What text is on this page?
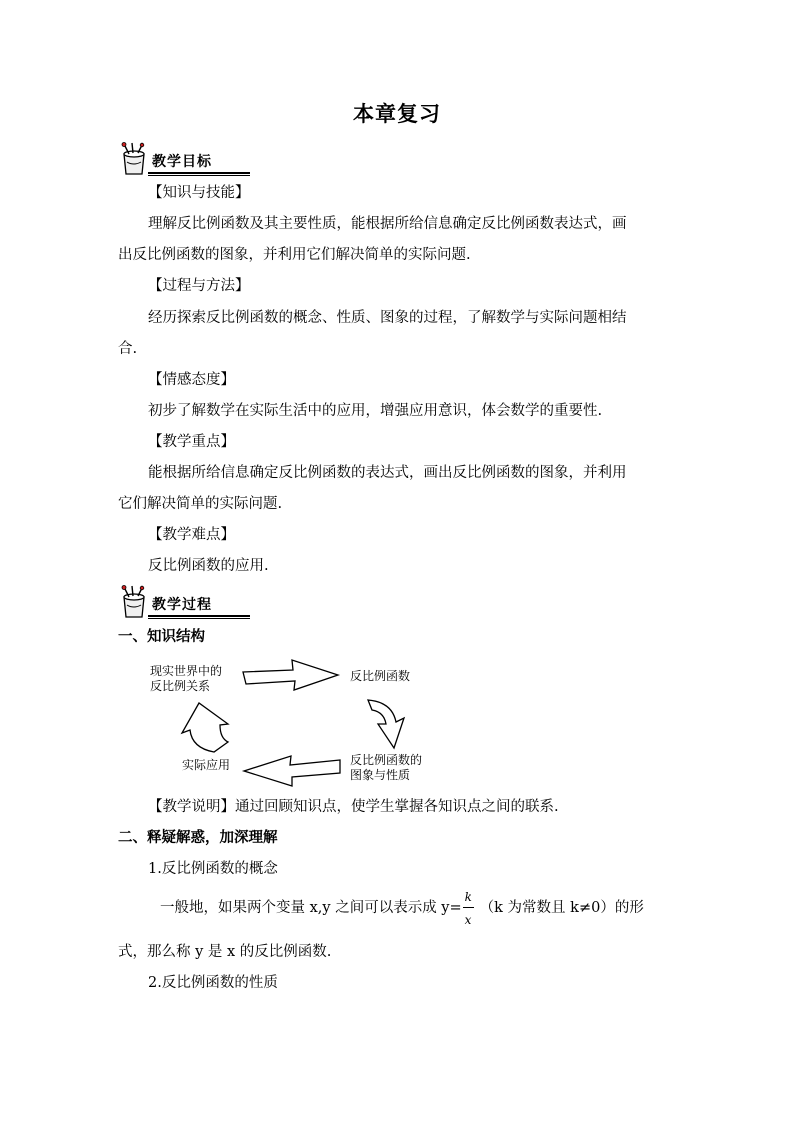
本章复习
教学目标
【知识与技能】
理解反比例函数及其主要性质，能根据所给信息确定反比例函数表达式，画
出反比例函数的图象，并利用它们解决简单的实际问题.
【过程与方法】
经历探索反比例函数的概念、性质、图象的过程，了解数学与实际问题相结
合.
【情感态度】
初步了解数学在实际生活中的应用，增强应用意识，体会数学的重要性.
【教学重点】
能根据所给信息确定反比例函数的表达式，画出反比例函数的图象，并利用
它们解决简单的实际问题.
【教学难点】
反比例函数的应用.
教学过程
一、知识结构
现实世界中的
反比例关系
反比例函数
反比例函数的
图象与性质
实际应用
【教学说明】通过回顾知识点，使学生掌握各知识点之间的联系.
二、释疑解惑，加深理解
1.反比例函数的概念
一般地，如果两个变量 x,y 之间可以表示成 $y= \frac{k}{x} (k$ 为常数且 k≠0）的形
式，那么称 y 是 x 的反比例函数.
2.反比例函数的性质
